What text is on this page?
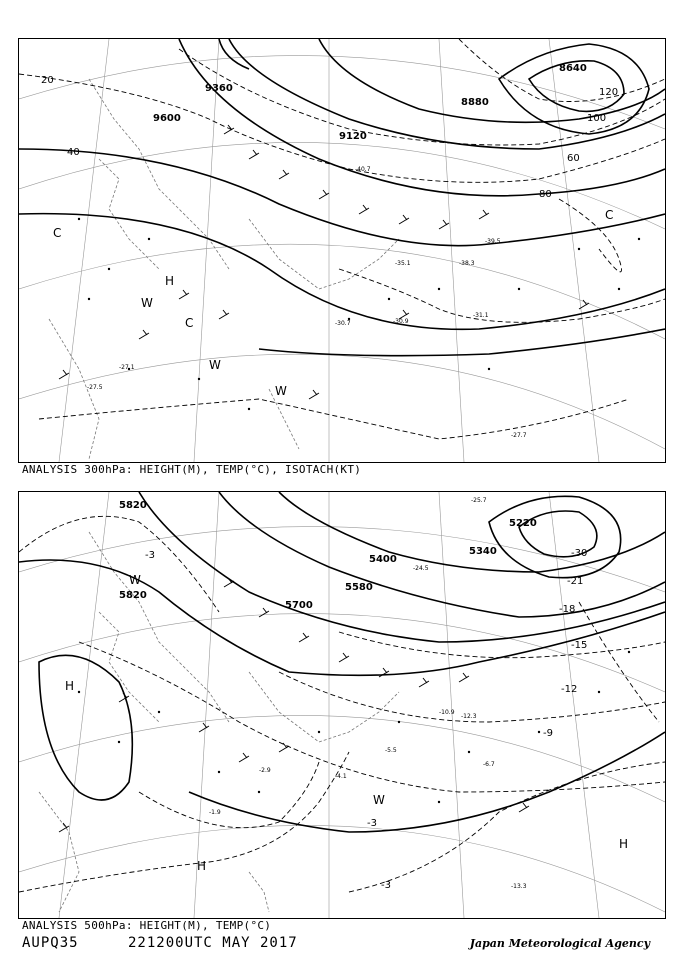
9600
9360
9120
8880
8640
20
40
60
80
100
120
-27.5
-30.7	-30.9
-35.1
-39.5
-38.3
-31.1
-27.7
-40.7
-27.1
H
C
W
C
W
W
C
ANALYSIS 300hPa: HEIGHT(M), TEMP(°C), ISOTACH(KT)
5820
5700
5820
5580
5400
5220
5340
-3
-3
-3
-9
-12
-15
-18
-21
-30
-1.9
-2.9
-4.1
-5.5
-6.7
-10.9
-12.3
-13.3
-24.5
-25.7
H
H
H
W
W
ANALYSIS 500hPa: HEIGHT(M), TEMP(°C)
AUPQ35	221200UTC MAY 2017	Japan Meteorological Agency
